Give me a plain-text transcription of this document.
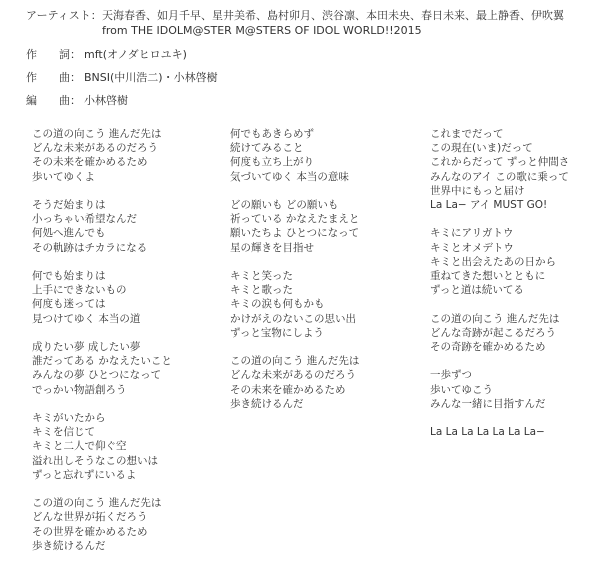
アーティスト： 天海春香、如月千早、星井美希、島村卯月、渋谷凛、本田未央、春日未来、最上静香、伊吹翼
from THE IDOLM@STER M@STERS OF IDOL WORLD!!2015
作　　詞： mft(オノダヒロユキ)
作　　曲： BNSI(中川浩二)・小林啓樹
編　　曲： 小林啓樹
この道の向こう 進んだ先は
どんな未来があるのだろう
その未来を確かめるため
歩いてゆくよ
そうだ始まりは
小っちゃい希望なんだ
何処へ進んでも
その軌跡はチカラになる
何でも始まりは
上手にできないもの
何度も迷っては
見つけてゆく 本当の道
成りたい夢 成したい夢
誰だってある かなえたいこと
みんなの夢 ひとつになって
でっかい物語創ろう
キミがいたから
キミを信じて
キミと二人で仰ぐ空
溢れ出しそうなこの想いは
ずっと忘れずにいるよ
この道の向こう 進んだ先は
どんな世界が拓くだろう
その世界を確かめるため
歩き続けるんだ
何でもあきらめず
続けてみること
何度も立ち上がり
気づいてゆく 本当の意味
どの願いも どの願いも
祈っている かなえたまえと
願いたちよ ひとつになって
星の輝きを目指せ
キミと笑った
キミと歌った
キミの涙も何もかも
かけがえのないこの思い出
ずっと宝物にしよう
この道の向こう 進んだ先は
どんな未来があるのだろう
その未来を確かめるため
歩き続けるんだ
これまでだって
この現在(いま)だって
これからだって ずっと仲間さ
みんなのアイ この歌に乗って
世界中にもっと届け
La La− アイ MUST GO!
キミにアリガトウ
キミとオメデトウ
キミと出会えたあの日から
重ねてきた想いとともに
ずっと道は続いてる
この道の向こう 進んだ先は
どんな奇跡が起こるだろう
その奇跡を確かめるため
一歩ずつ
歩いてゆこう
みんな一緒に目指すんだ
La La La La La La La−
